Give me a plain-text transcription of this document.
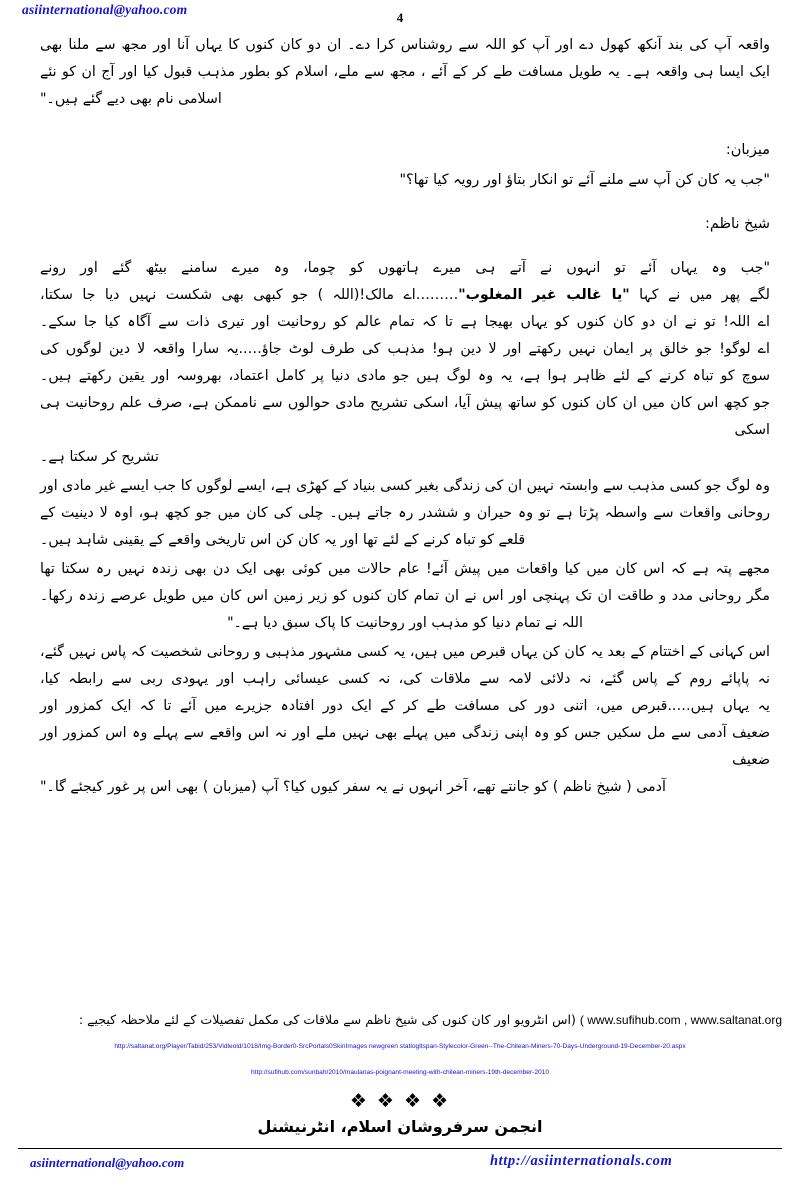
asiinternational@yahoo.com
4
واقعہ آپ کی بند آنکھ کھول دے اور آپ کو اللہ سے روشناس کرا دے۔ ان دو کان کنوں کا یہاں آنا اور مجھ سے ملنا بھی
ایک ایسا ہی واقعہ ہے۔ یہ طویل مسافت طے کر کے آئے ، مجھ سے ملے، اسلام کو بطور مذہب قبول کیا اور آج ان کو نئے
اسلامی نام بھی دیے گئے ہیں۔"
میزبان:
"جب یہ کان کن آپ سے ملنے آئے تو انکار بتاؤ اور رویہ کیا تھا؟"
شیخ ناظم:
"جب وہ یہاں آئے تو انہوں نے آتے ہی میرے ہاتھوں کو چوما، وہ میرے سامنے بیٹھ گئے اور رونے
لگے پھر میں نے کہا "یا غالب غیر المغلوب"………اے مالک!(اللہ ) جو کبھی بھی شکست نہیں دیا جا سکتا،
اے اللہ! تو نے ان دو کان کنوں کو یہاں بھیجا ہے تا کہ تمام عالم کو روحانیت اور تیری ذات سے آگاہ کیا جا سکے۔
اے لوگو! جو خالق پر ایمان نہیں رکھتے اور لا دین ہو! مذہب کی طرف لوٹ جاؤ…..یہ سارا واقعہ لا دین لوگوں کی
سوچ کو تباہ کرنے کے لئے ظاہر ہوا ہے، یہ وہ لوگ ہیں جو مادی دنیا پر کامل اعتماد، بھروسہ اور یقین رکھتے ہیں۔
جو کچھ اس کان میں ان کان کنوں کو ساتھ پیش آیا، اسکی تشریح مادی حوالوں سے ناممکن ہے، صرف علم روحانیت ہی اسکی
تشریح کر سکتا ہے۔
وہ لوگ جو کسی مذہب سے وابستہ نہیں ان کی زندگی بغیر کسی بنیاد کے کھڑی ہے، ایسے لوگوں کا جب ایسے غیر مادی اور
روحانی واقعات سے واسطہ پڑتا ہے تو وہ حیران و ششدر رہ جاتے ہیں۔ چلی کی کان میں جو کچھ ہو، اوہ لا دینیت کے
قلعے کو تباہ کرنے کے لئے تھا اور یہ کان کن اس تاریخی واقعے کے یقینی شاہد ہیں۔
مجھے پتہ ہے کہ اس کان میں کیا واقعات میں پیش آئے! عام حالات میں کوئی بھی ایک دن بھی زندہ نہیں رہ سکتا تھا
مگر روحانی مدد و طاقت ان تک پہنچی اور اس نے ان تمام کان کنوں کو زیر زمین اس کان میں طویل عرصے زندہ رکھا۔
اللہ نے تمام دنیا کو مذہب اور روحانیت کا پاک سبق دیا ہے۔"
اس کہانی کے اختتام کے بعد یہ کان کن یہاں قبرص میں ہیں، یہ کسی مشہور مذہبی و روحانی شخصیت کہ پاس نہیں گئے،
نہ پاپائے روم کے پاس گئے، نہ دلائی لامہ سے ملاقات کی، نہ کسی عیسائی راہب اور یہودی ربی سے رابطہ کیا،
یہ یہاں ہیں…..قبرص میں، اتنی دور کی مسافت طے کر کے ایک دور افتادہ جزیرے میں آئے تا کہ ایک کمزور اور
ضعیف آدمی سے مل سکیں جس کو وہ اپنی زندگی میں پہلے بھی نہیں ملے اور نہ اس واقعے سے پہلے وہ اس کمزور اور ضعیف
آدمی ( شیخ ناظم ) کو جانتے تھے، آخر انہوں نے یہ سفر کیوں کیا؟ آپ (میزبان ) بھی اس پر غور کیجئے گا۔"
( www.sufihub.com , www.saltanat.org (اس انٹرویو اور کان کنوں کی شیخ ناظم سے ملاقات کی مکمل تفصیلات کے لئے ملاحظہ کیجیے :
http://saltanat.org/Player/Tabid/253/Vidleold/1018/Img-Border0-SrcPortals0SkinImages newgreen statlogltspan-Stylecolor-Green--The-Chilean-Miners-70-Days-Underground-19-December-20.aspx
http://sufihub.com/sunbah/2010/maulanas-poignant-meeting-with-chilean-miners-19th-december-2010
❖ ❖ ❖ ❖
انجمن سرفروشان اسلام، انٹرنیشنل
asiinternational@yahoo.com	http://asiinternationals.com
